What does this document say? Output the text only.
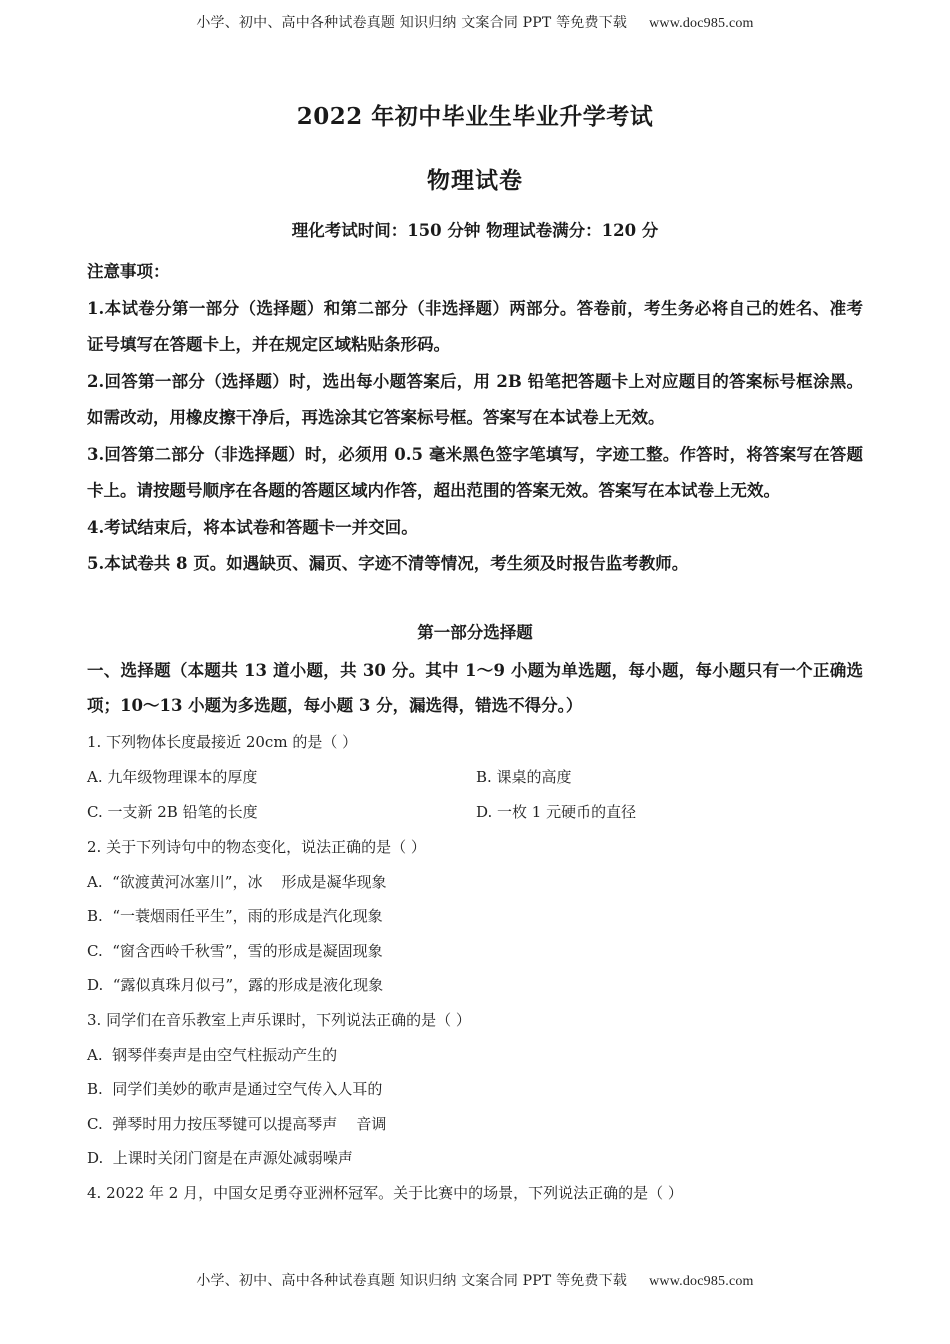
小学、初中、高中各种试卷真题 知识归纳 文案合同 PPT 等免费下载 www.doc985.com
2022 年初中毕业生毕业升学考试
物理试卷
理化考试时间：150 分钟 物理试卷满分：120 分

注意事项：

1.本试卷分第一部分（选择题）和第二部分（非选择题）两部分。答卷前，考生务必将自己的姓名、准考证号填写在答题卡上，并在规定区域粘贴条形码。

2.回答第一部分（选择题）时，选出每小题答案后，用 2B 铅笔把答题卡上对应题目的答案标号框涂黑。如需改动，用橡皮擦干净后，再选涂其它答案标号框。答案写在本试卷上无效。

3.回答第二部分（非选择题）时，必须用 0.5 毫米黑色签字笔填写，字迹工整。作答时，将答案写在答题卡上。请按题号顺序在各题的答题区域内作答，超出范围的答案无效。答案写在本试卷上无效。

4.考试结束后，将本试卷和答题卡一并交回。

5.本试卷共 8 页。如遇缺页、漏页、字迹不清等情况，考生须及时报告监考教师。

第一部分选择题
一、选择题（本题共 13 道小题，共 30 分。其中 1～9 小题为单选题，每小题，每小题只有一个正确选项；10～13 小题为多选题，每小题 3 分，漏选得，错选不得分。）
1. 下列物体长度最接近 20cm 的是（ ）
A. 九年级物理课本的厚度	B. 课桌的高度
C. 一支新 2B 铅笔的长度	D. 一枚 1 元硬币的直径
2. 关于下列诗句中的物态变化，说法正确的是（ ）
A.  “欲渡黄河冰塞川”，冰    形成是凝华现象
B.  “一蓑烟雨任平生”，雨的形成是汽化现象
C.  “窗含西岭千秋雪”，雪的形成是凝固现象
D.  “露似真珠月似弓”，露的形成是液化现象
3. 同学们在音乐教室上声乐课时，下列说法正确的是（ ）
A.  钢琴伴奏声是由空气柱振动产生的
B.  同学们美妙的歌声是通过空气传入人耳的
C.  弹琴时用力按压琴键可以提高琴声    音调
D.  上课时关闭门窗是在声源处减弱噪声
4. 2022 年 2 月，中国女足勇夺亚洲杯冠军。关于比赛中的场景，下列说法正确的是（ ）
小学、初中、高中各种试卷真题 知识归纳 文案合同 PPT 等免费下载 www.doc985.com
